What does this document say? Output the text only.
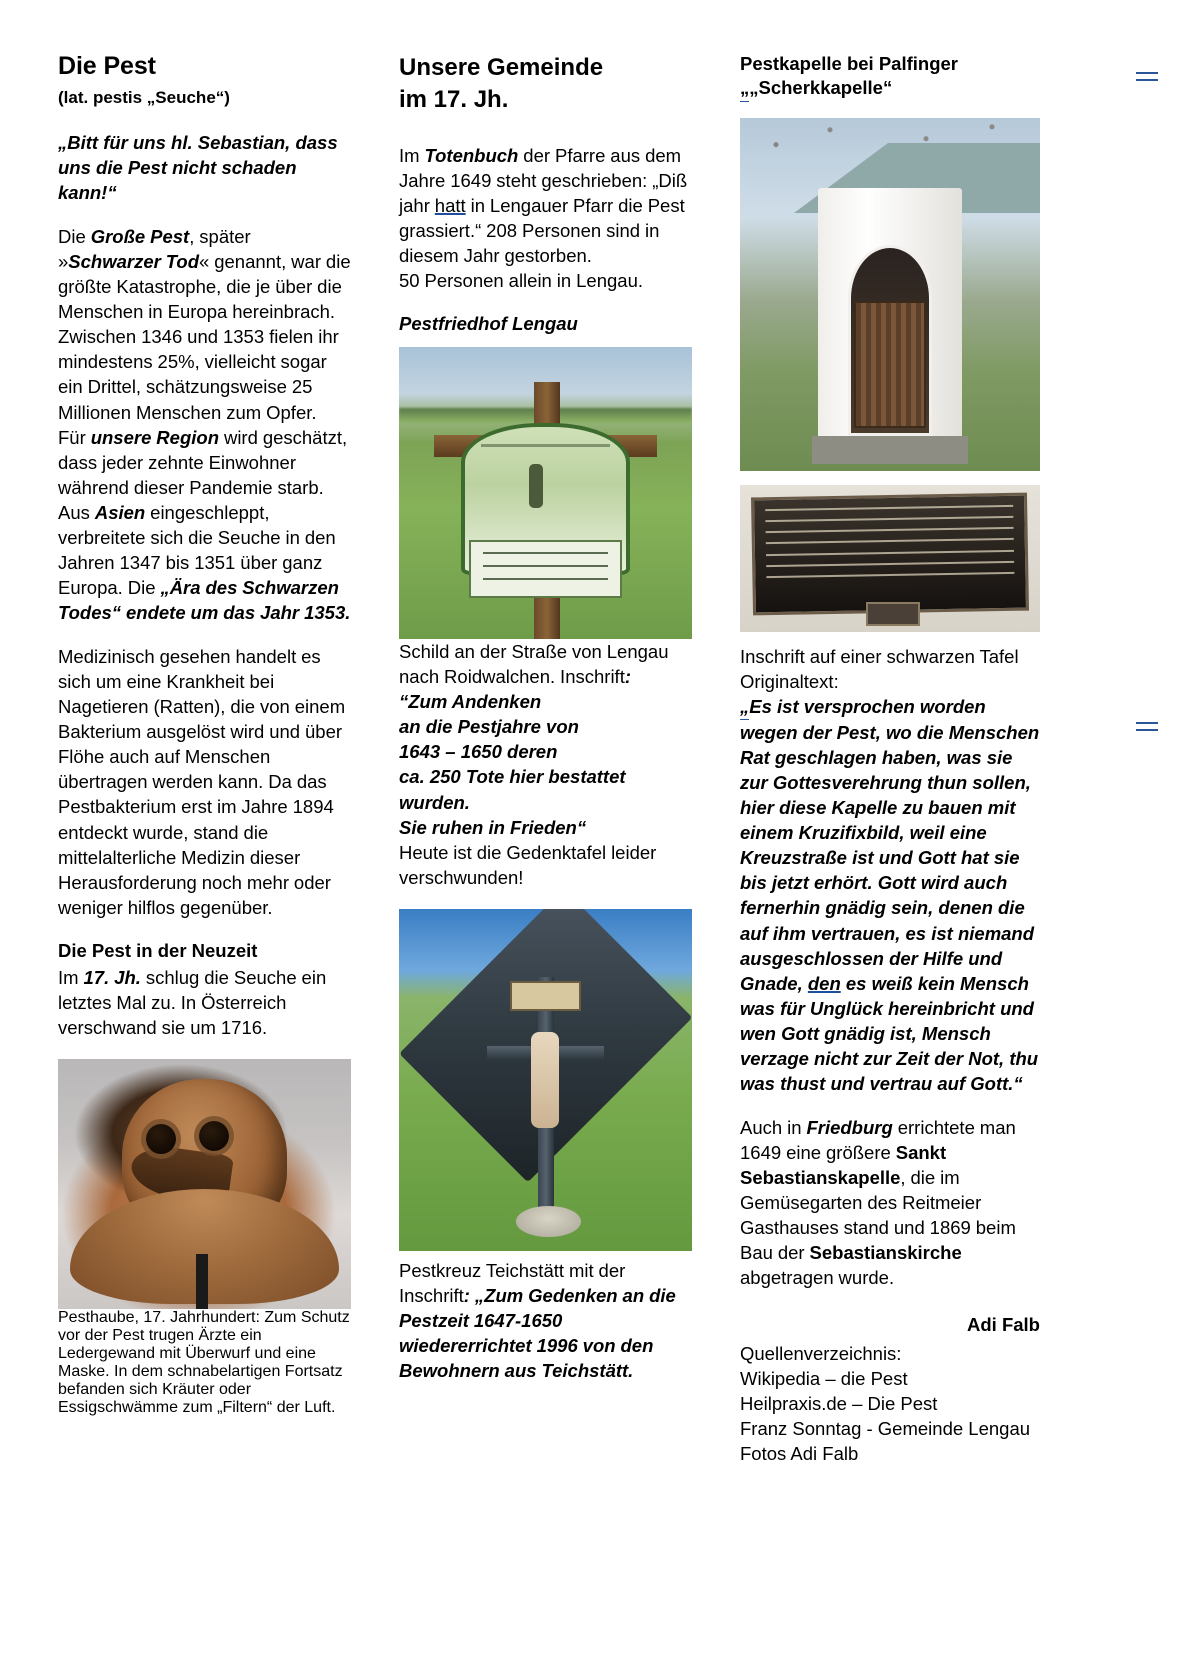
Die Pest
(lat. pestis „Seuche“)

„Bitt für uns hl. Sebastian, dass uns die Pest nicht schaden kann!“

Die Große Pest, später »Schwarzer Tod« genannt, war die größte Katastrophe, die je über die Menschen in Europa hereinbrach. Zwischen 1346 und 1353 fielen ihr mindestens 25%, vielleicht sogar ein Drittel, schätzungsweise 25 Millionen Menschen zum Opfer.
Für unsere Region wird geschätzt, dass jeder zehnte Einwohner während dieser Pandemie starb. Aus Asien eingeschleppt, verbreitete sich die Seuche in den Jahren 1347 bis 1351 über ganz Europa. Die „Ära des Schwarzen Todes“ endete um das Jahr 1353.

Medizinisch gesehen handelt es sich um eine Krankheit bei Nagetieren (Ratten), die von einem Bakterium ausgelöst wird und über Flöhe auch auf Menschen übertragen werden kann. Da das Pestbakterium erst im Jahre 1894 entdeckt wurde, stand die mittelalterliche Medizin dieser Herausforderung noch mehr oder weniger hilflos gegenüber.

Die Pest in der Neuzeit

Im 17. Jh. schlug die Seuche ein letztes Mal zu. In Österreich verschwand sie um 1716.

Pesthaube, 17. Jahrhundert: Zum Schutz vor der Pest trugen Ärzte ein Ledergewand mit Überwurf und eine Maske. In dem schnabelartigen Fortsatz befanden sich Kräuter oder Essigschwämme zum „Filtern“ der Luft.
Unsere Gemeinde
im 17. Jh.

Im Totenbuch der Pfarre aus dem Jahre 1649 steht geschrieben: „Diß jahr hatt in Lengauer Pfarr die Pest grassiert.“ 208 Personen sind in diesem Jahr gestorben.
50 Personen allein in Lengau.

Pestfriedhof Lengau

Schild an der Straße von Lengau nach Roidwalchen. Inschrift:

“Zum Andenken
an die Pestjahre von
1643 – 1650 deren
ca. 250 Tote hier bestattet
wurden.
Sie ruhen in Frieden“

Heute ist die Gedenktafel leider verschwunden!

Pestkreuz Teichstätt mit der Inschrift: „Zum Gedenken an die Pestzeit 1647-1650 wiedererrichtet 1996 von den Bewohnern aus Teichstätt.

Pestkapelle bei Palfinger
„„Scherkkapelle“

Inschrift auf einer schwarzen Tafel
Originaltext:

„Es ist versprochen worden wegen der Pest, wo die Menschen Rat geschlagen haben, was sie zur Gottesverehrung thun sollen, hier diese Kapelle zu bauen mit einem Kruzifixbild, weil eine Kreuzstraße ist und Gott hat sie bis jetzt erhört. Gott wird auch fernerhin gnädig sein, denen die auf ihm vertrauen, es ist niemand ausgeschlossen der Hilfe und Gnade, den es weiß kein Mensch was für Unglück hereinbricht und wen Gott gnädig ist, Mensch verzage nicht zur Zeit der Not, thu was thust und vertrau auf Gott.“

Auch in Friedburg errichtete man 1649 eine größere Sankt Sebastianskapelle, die im Gemüsegarten des Reitmeier Gasthauses stand und 1869 beim Bau der Sebastianskirche abgetragen wurde.

Adi Falb

Quellenverzeichnis:
Wikipedia – die Pest
Heilpraxis.de – Die Pest
Franz Sonntag - Gemeinde Lengau
Fotos Adi Falb
